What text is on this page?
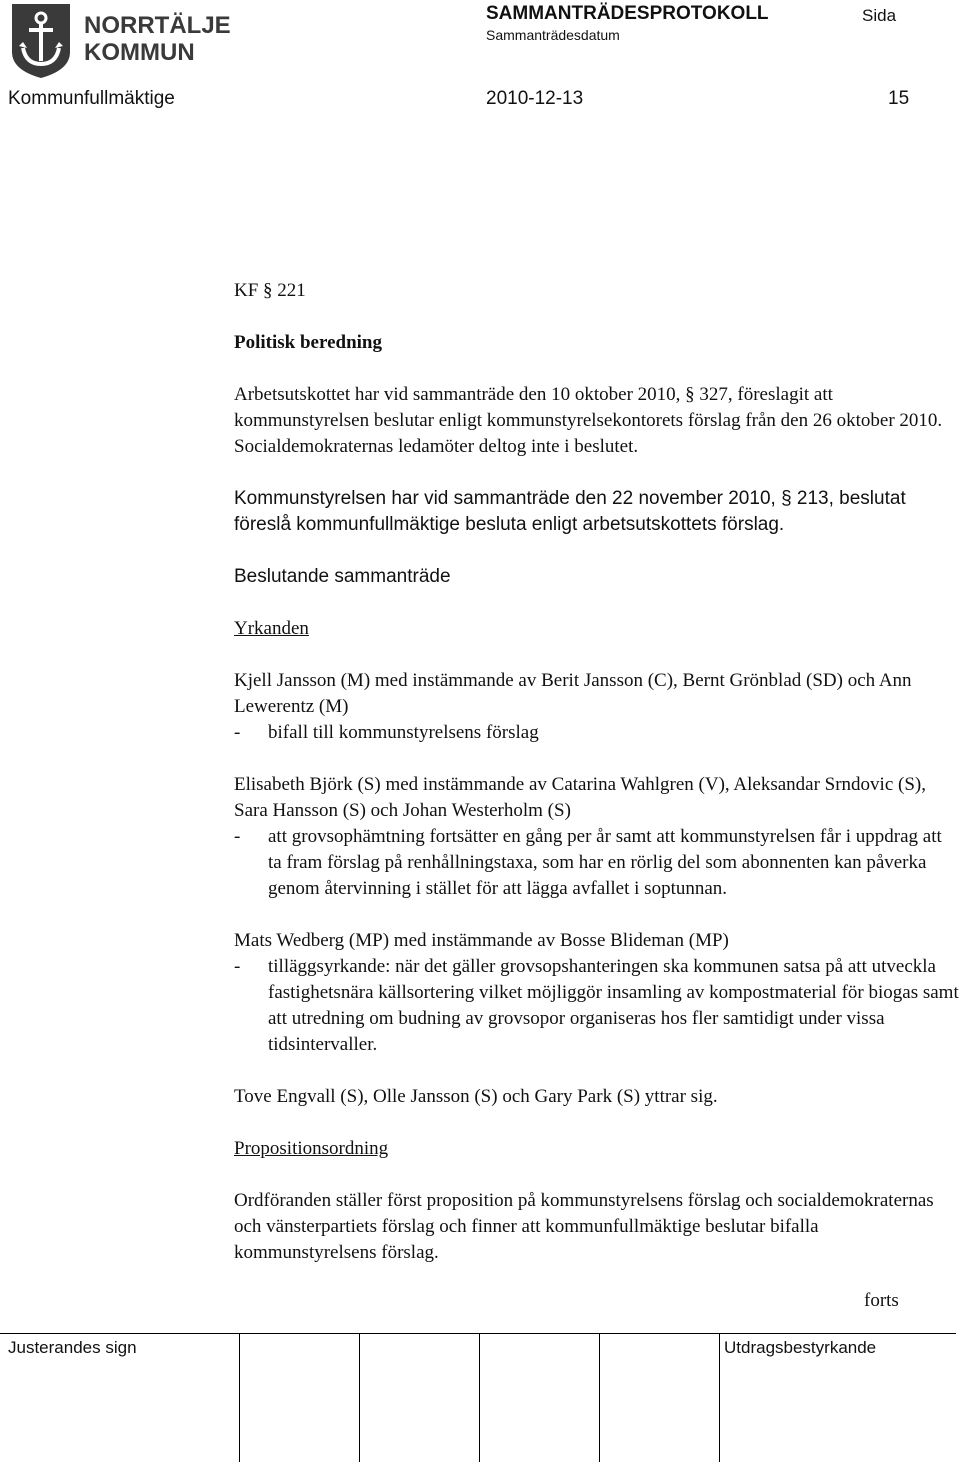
NORRTÄLJE
KOMMUN
SAMMANTRÄDESPROTOKOLL	Sida
Sammanträdesdatum
Kommunfullmäktige	2010-12-13	15

KF § 221

Politisk beredning

Arbetsutskottet har vid sammanträde den 10 oktober 2010, § 327, föreslagit att kommunstyrelsen beslutar enligt kommunstyrelsekontorets förslag från den 26 oktober 2010. Socialdemokraternas ledamöter deltog inte i beslutet.

Kommunstyrelsen har vid sammanträde den 22 november 2010, § 213, beslutat föreslå kommunfullmäktige besluta enligt arbetsutskottets förslag.

Beslutande sammanträde

Yrkanden

Kjell Jansson (M) med instämmande av Berit Jansson (C), Bernt Grönblad (SD) och Ann Lewerentz (M)

-	bifall till kommunstyrelsens förslag

Elisabeth Björk (S) med instämmande av Catarina Wahlgren (V), Aleksandar Srndovic (S), Sara Hansson (S) och Johan Westerholm (S)

-	att grovsophämtning fortsätter en gång per år samt att kommunstyrelsen får i uppdrag att ta fram förslag på renhållningstaxa, som har en rörlig del som abonnenten kan påverka genom återvinning i stället för att lägga avfallet i soptunnan.

Mats Wedberg (MP) med instämmande av Bosse Blideman (MP)

-	tilläggsyrkande: när det gäller grovsopshanteringen ska kommunen satsa på att utveckla fastighetsnära källsortering vilket möjliggör insamling av kompostmaterial för biogas samt att utredning om budning av grovsopor organiseras hos fler samtidigt under vissa tidsintervaller.

Tove Engvall (S), Olle Jansson (S) och Gary Park (S) yttrar sig.

Propositionsordning

Ordföranden ställer först proposition på kommunstyrelsens förslag och socialdemokraternas och vänsterpartiets förslag och finner att kommunfullmäktige beslutar bifalla kommunstyrelsens förslag.

forts
Justerandes sign	Utdragsbestyrkande
